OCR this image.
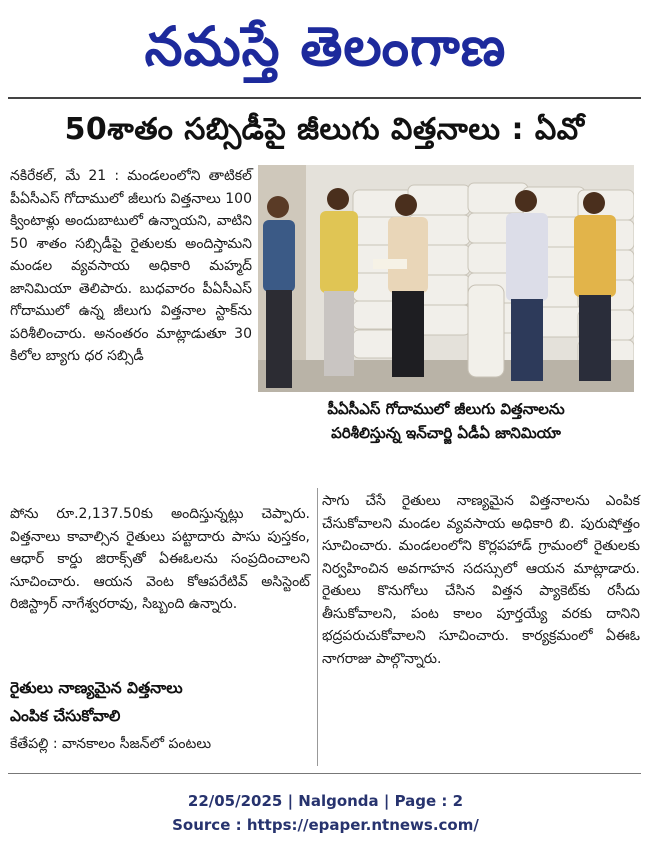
నమస్తే తెలంగాణ
50శాతం సబ్సిడీపై జీలుగు విత్తనాలు : ఏవో

నకిరేకల్, మే 21 : మండలంలోని తాటికల్ పీఏసీఎస్ గోదాములో జీలుగు విత్తనాలు 100 క్వింటాళ్లు అందుబాటులో ఉన్నాయని, వాటిని 50 శాతం సబ్సిడీపై రైతులకు అందిస్తామని మండల వ్యవసాయ అధికారి మహ్మద్ జానిమియా తెలిపారు. బుధవారం పీఏసీఎస్ గోదాములో ఉన్న జీలుగు విత్తనాల స్టాక్‌ను పరిశీలించారు. అనంతరం మాట్లాడుతూ 30 కిలోల బ్యాగు ధర సబ్సిడీ

పీఏసీఎస్ గోదాములో జీలుగు విత్తనాలను
పరిశీలిస్తున్న ఇన్‌చార్జి ఏడీఏ జానిమియా

పోను రూ.2,137.50కు అందిస్తున్నట్లు చెప్పారు. విత్తనాలు కావాల్సిన రైతులు పట్టాదారు పాసు పుస్తకం, ఆధార్ కార్డు జిరాక్స్‌తో ఏఈఓలను సంప్రదించాలని సూచించారు. ఆయన వెంట కోఆపరేటివ్ అసిస్టెంట్ రిజిస్ట్రార్ నాగేశ్వరరావు, సిబ్బంది ఉన్నారు.

రైతులు నాణ్యమైన విత్తనాలు
ఎంపిక చేసుకోవాలి

కేతేపల్లి : వానకాలం సీజన్‌లో పంటలు

సాగు చేసే రైతులు నాణ్యమైన విత్తనాలను ఎంపిక చేసుకోవాలని మండల వ్యవసాయ అధికారి బి. పురుషోత్తం సూచించారు. మండలంలోని కొర్లపహాడ్ గ్రామంలో రైతులకు నిర్వహించిన అవగాహన సదస్సులో ఆయన మాట్లాడారు. రైతులు కొనుగోలు చేసిన విత్తన ప్యాకెట్‌కు రసీదు తీసుకోవాలని, పంట కాలం పూర్తయ్యే వరకు దానిని భద్రపరుచుకోవాలని సూచించారు. కార్యక్రమంలో ఏఈఓ నాగరాజు పాల్గొన్నారు.

22/05/2025 | Nalgonda | Page : 2
Source : https://epaper.ntnews.com/
